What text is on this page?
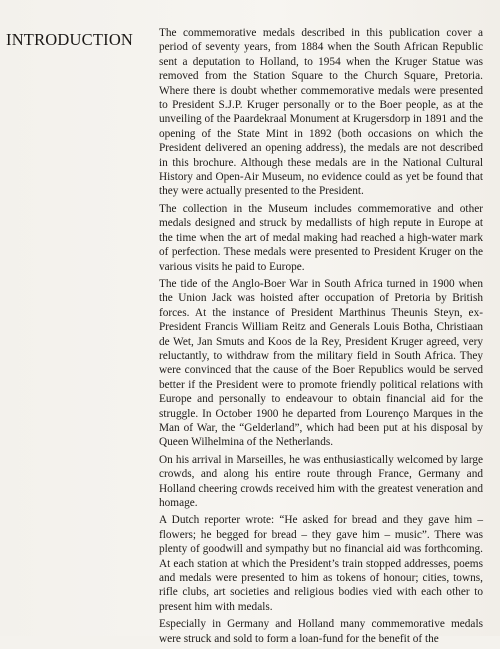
INTRODUCTION The commemorative medals described in this publication cover a period of seventy years, from 1884 when the South African Republic sent a deputation to Holland, to 1954 when the Kruger Statue was removed from the Station Square to the Church Square, Pretoria. Where there is doubt whether commemorative medals were presented to President S.J.P. Kruger personally or to the Boer people, as at the unveiling of the Paardekraal Monument at Krugersdorp in 1891 and the opening of the State Mint in 1892 (both occasions on which the President delivered an opening address), the medals are not described in this brochure. Although these medals are in the National Cultural History and Open-Air Museum, no evidence could as yet be found that they were actually presented to the President.

The collection in the Museum includes commemorative and other medals designed and struck by medallists of high repute in Europe at the time when the art of medal making had reached a high-water mark of perfection. These medals were presented to President Kruger on the various visits he paid to Europe.

The tide of the Anglo-Boer War in South Africa turned in 1900 when the Union Jack was hoisted after occupation of Pretoria by British forces. At the instance of President Marthinus Theunis Steyn, ex-President Francis William Reitz and Generals Louis Botha, Christiaan de Wet, Jan Smuts and Koos de la Rey, President Kruger agreed, very reluctantly, to withdraw from the military field in South Africa. They were convinced that the cause of the Boer Republics would be served better if the President were to promote friendly political relations with Europe and personally to endeavour to obtain financial aid for the struggle. In October 1900 he departed from Lourenço Marques in the Man of War, the “Gelderland”, which had been put at his disposal by Queen Wilhelmina of the Netherlands.

On his arrival in Marseilles, he was enthusiastically welcomed by large crowds, and along his entire route through France, Germany and Holland cheering crowds received him with the greatest veneration and homage.

A Dutch reporter wrote: “He asked for bread and they gave him – flowers; he begged for bread – they gave him – music”. There was plenty of goodwill and sympathy but no financial aid was forthcoming. At each station at which the President’s train stopped addresses, poems and medals were presented to him as tokens of honour; cities, towns, rifle clubs, art societies and religious bodies vied with each other to present him with medals.

Especially in Germany and Holland many commemorative medals were struck and sold to form a loan-fund for the benefit of the
